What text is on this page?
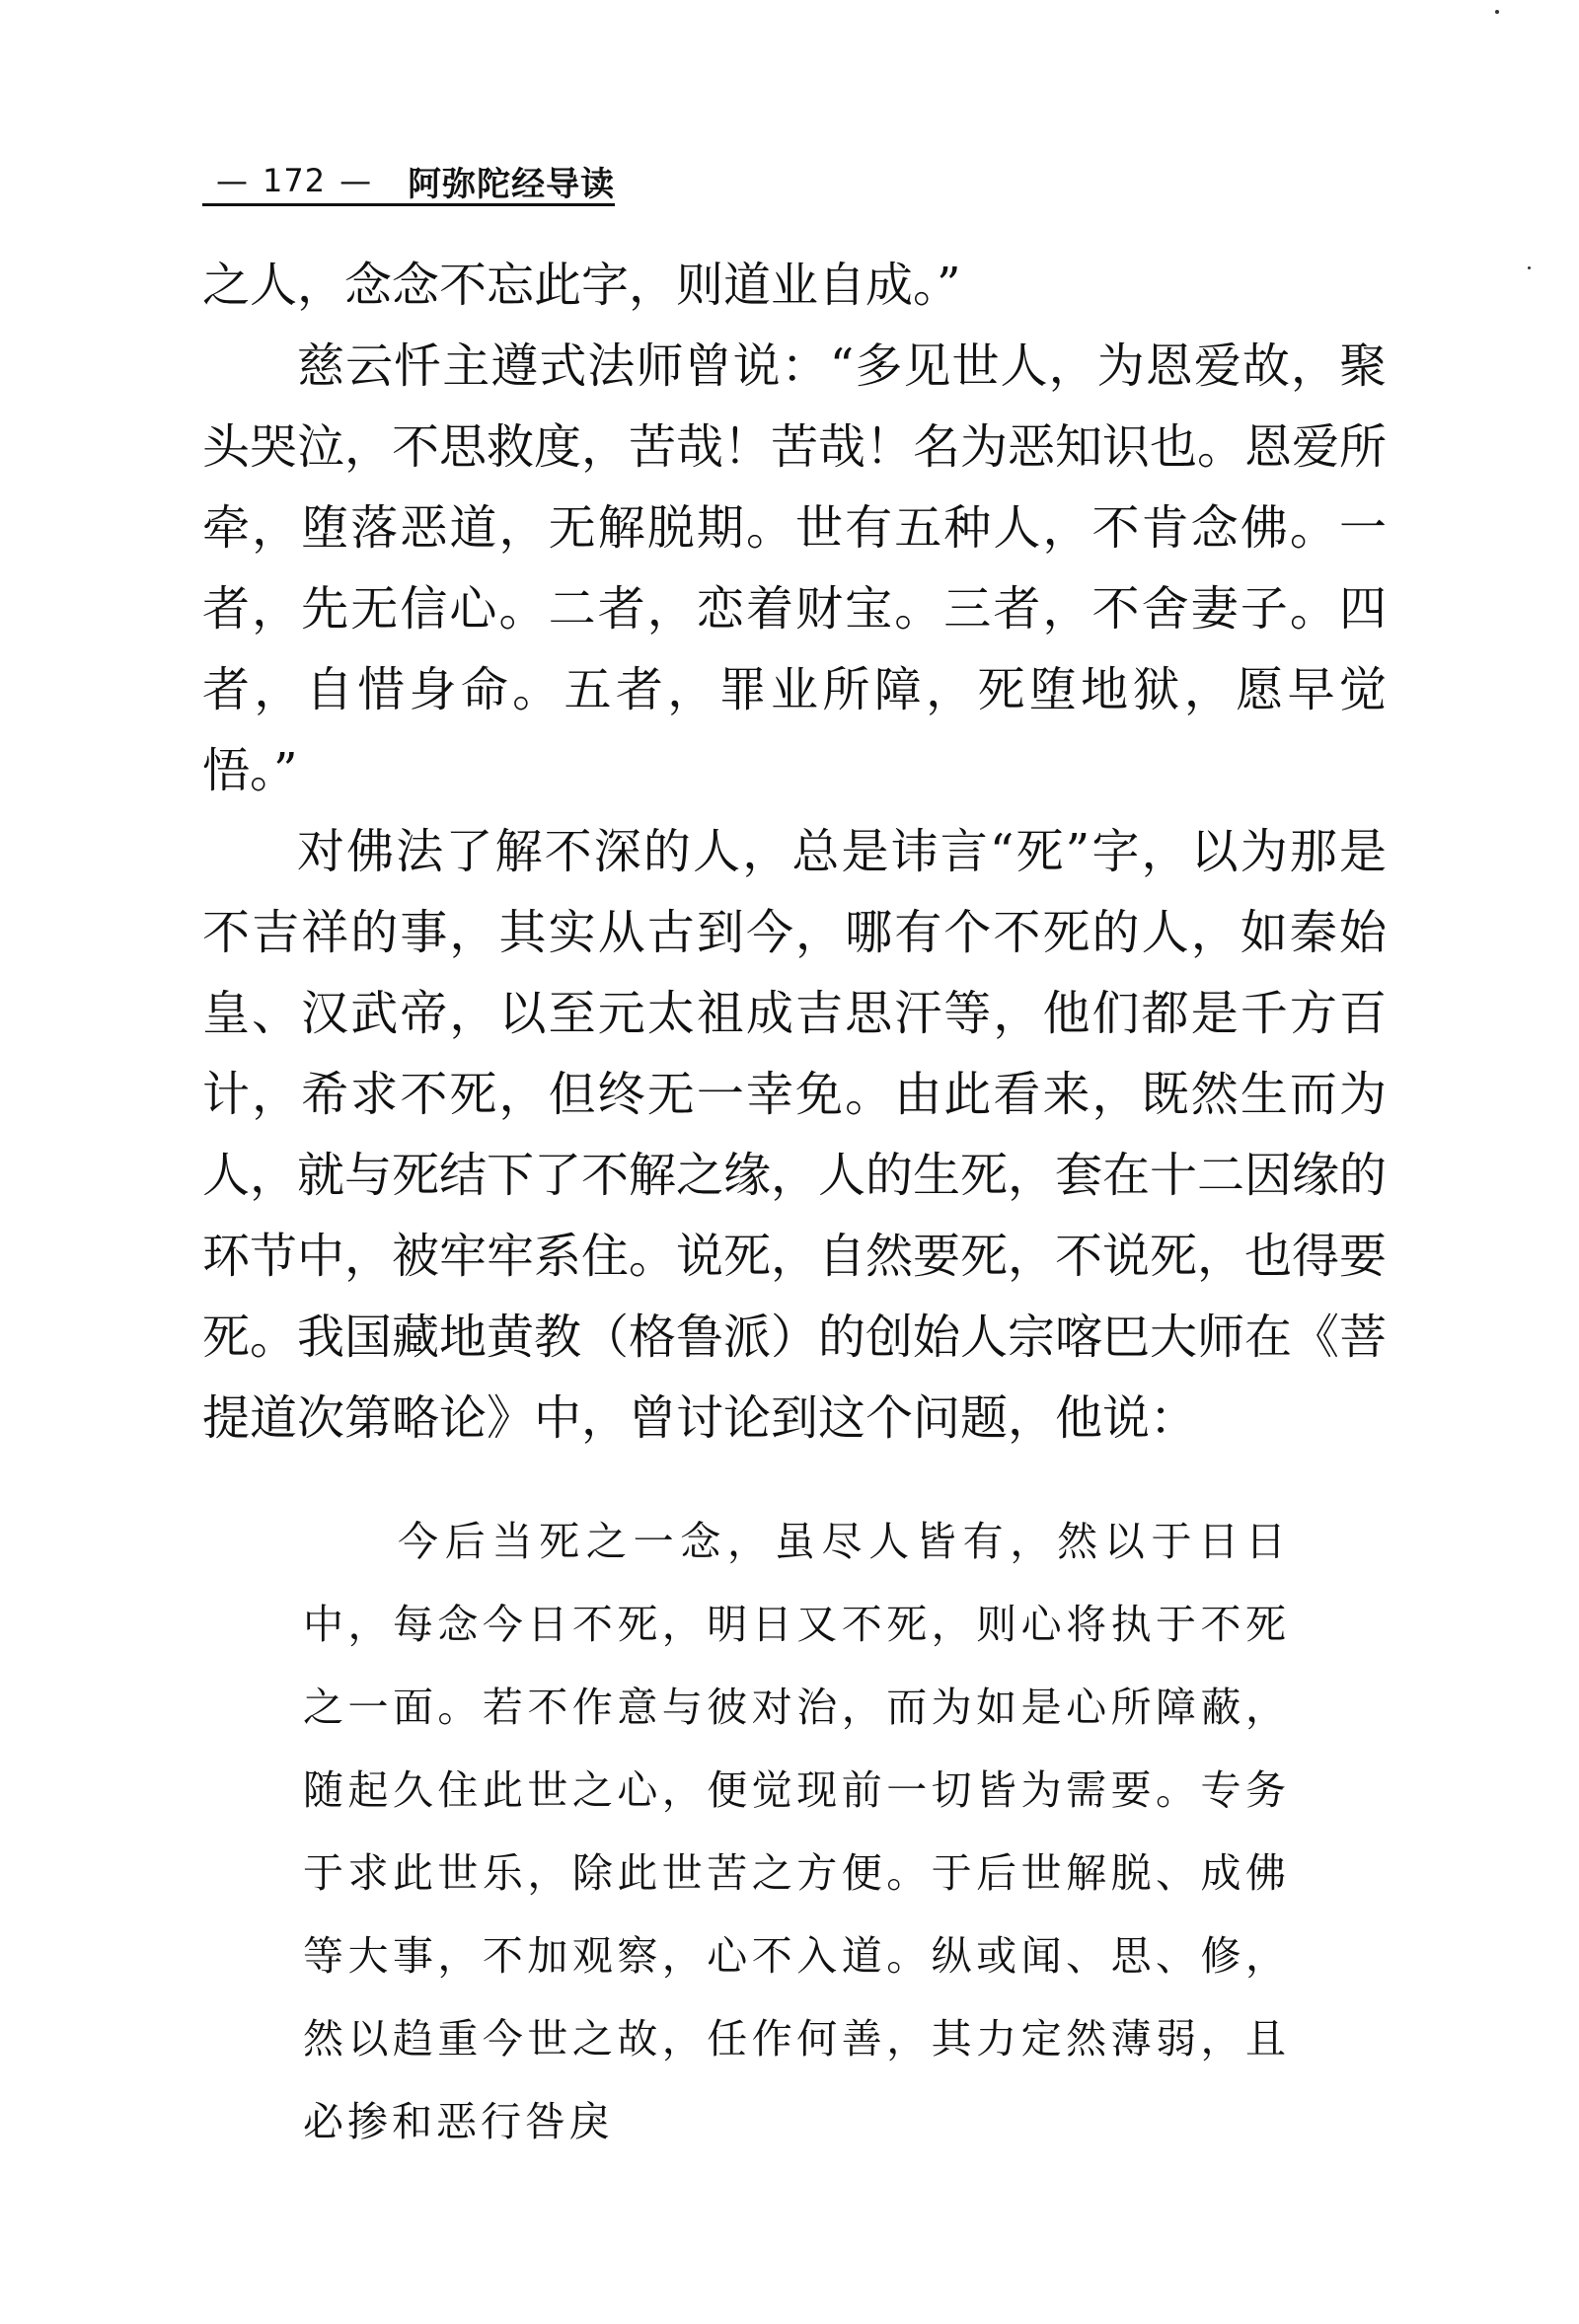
— 172 — 阿弥陀经导读

之人，念念不忘此字，则道业自成。”

慈云忏主遵式法师曾说：“多见世人，为恩爱故，聚头哭泣，不思救度，苦哉！苦哉！名为恶知识也。恩爱所牵，堕落恶道，无解脱期。世有五种人，不肯念佛。一者，先无信心。二者，恋着财宝。三者，不舍妻子。四者，自惜身命。五者，罪业所障，死堕地狱，愿早觉悟。”

对佛法了解不深的人，总是讳言“死”字，以为那是不吉祥的事，其实从古到今，哪有个不死的人，如秦始皇、汉武帝，以至元太祖成吉思汗等，他们都是千方百计，希求不死，但终无一幸免。由此看来，既然生而为人，就与死结下了不解之缘，人的生死，套在十二因缘的环节中，被牢牢系住。说死，自然要死，不说死，也得要死。我国藏地黄教（格鲁派）的创始人宗喀巴大师在《菩提道次第略论》中，曾讨论到这个问题，他说：

今后当死之一念，虽尽人皆有，然以于日日中，每念今日不死，明日又不死，则心将执于不死之一面。若不作意与彼对治，而为如是心所障蔽，随起久住此世之心，便觉现前一切皆为需要。专务于求此世乐，除此世苦之方便。于后世解脱、成佛等大事，不加观察，心不入道。纵或闻、思、修，然以趋重今世之故，任作何善，其力定然薄弱，且必掺和恶行咎戾
